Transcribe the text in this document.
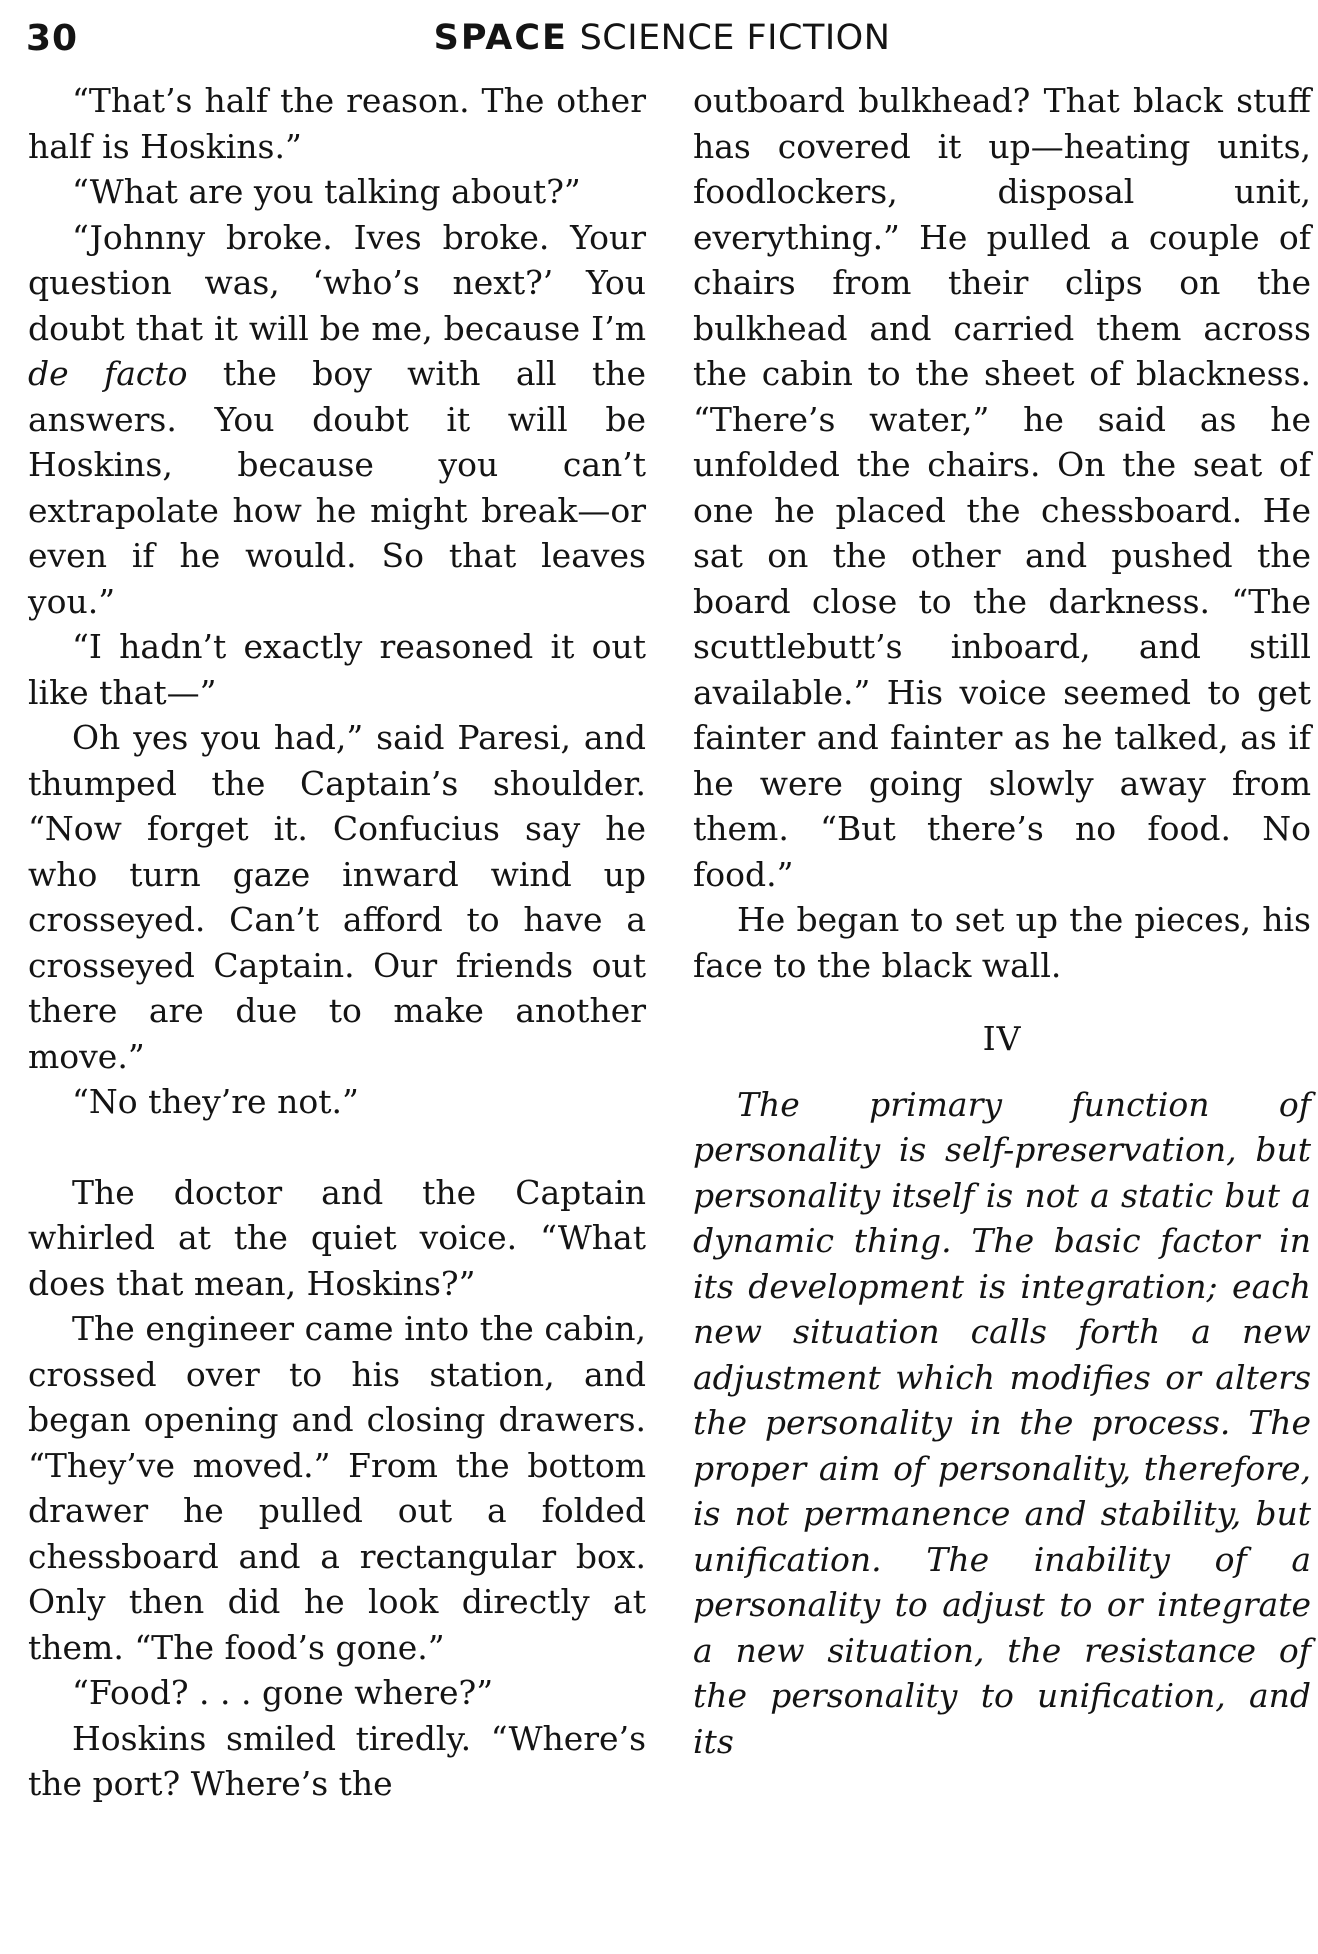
30	SPACE SCIENCE FICTION

“That’s half the reason. The other half is Hoskins.”

“What are you talking about?”

“Johnny broke. Ives broke. Your question was, ‘who’s next?’ You doubt that it will be me, because I’m de facto the boy with all the answers. You doubt it will be Hoskins, because you can’t extrapolate how he might break—or even if he would. So that leaves you.”

“I hadn’t exactly reasoned it out like that—”

Oh yes you had,” said Paresi, and thumped the Captain’s shoulder. “Now forget it. Confucius say he who turn gaze inward wind up crosseyed. Can’t afford to have a crosseyed Captain. Our friends out there are due to make another move.”

“No they’re not.”

The doctor and the Captain whirled at the quiet voice. “What does that mean, Hoskins?”

The engineer came into the cabin, crossed over to his station, and began opening and closing drawers. “They’ve moved.” From the bottom drawer he pulled out a folded chessboard and a rectangular box. Only then did he look directly at them. “The food’s gone.”

“Food? . . . gone where?”

Hoskins smiled tiredly. “Where’s the port? Where’s the

outboard bulkhead? That black stuff has covered it up—heating units, foodlockers, disposal unit, everything.” He pulled a couple of chairs from their clips on the bulkhead and carried them across the cabin to the sheet of blackness. “There’s water,” he said as he unfolded the chairs. On the seat of one he placed the chessboard. He sat on the other and pushed the board close to the darkness. “The scuttlebutt’s inboard, and still available.” His voice seemed to get fainter and fainter as he talked, as if he were going slowly away from them. “But there’s no food. No food.”

He began to set up the pieces, his face to the black wall.

IV

The primary function of personality is self-preservation, but personality itself is not a static but a dynamic thing. The basic factor in its development is integration; each new situation calls forth a new adjustment which modifies or alters the personality in the process. The proper aim of personality, therefore, is not permanence and stability, but unification. The inability of a personality to adjust to or integrate a new situation, the resistance of the personality to unification, and its
